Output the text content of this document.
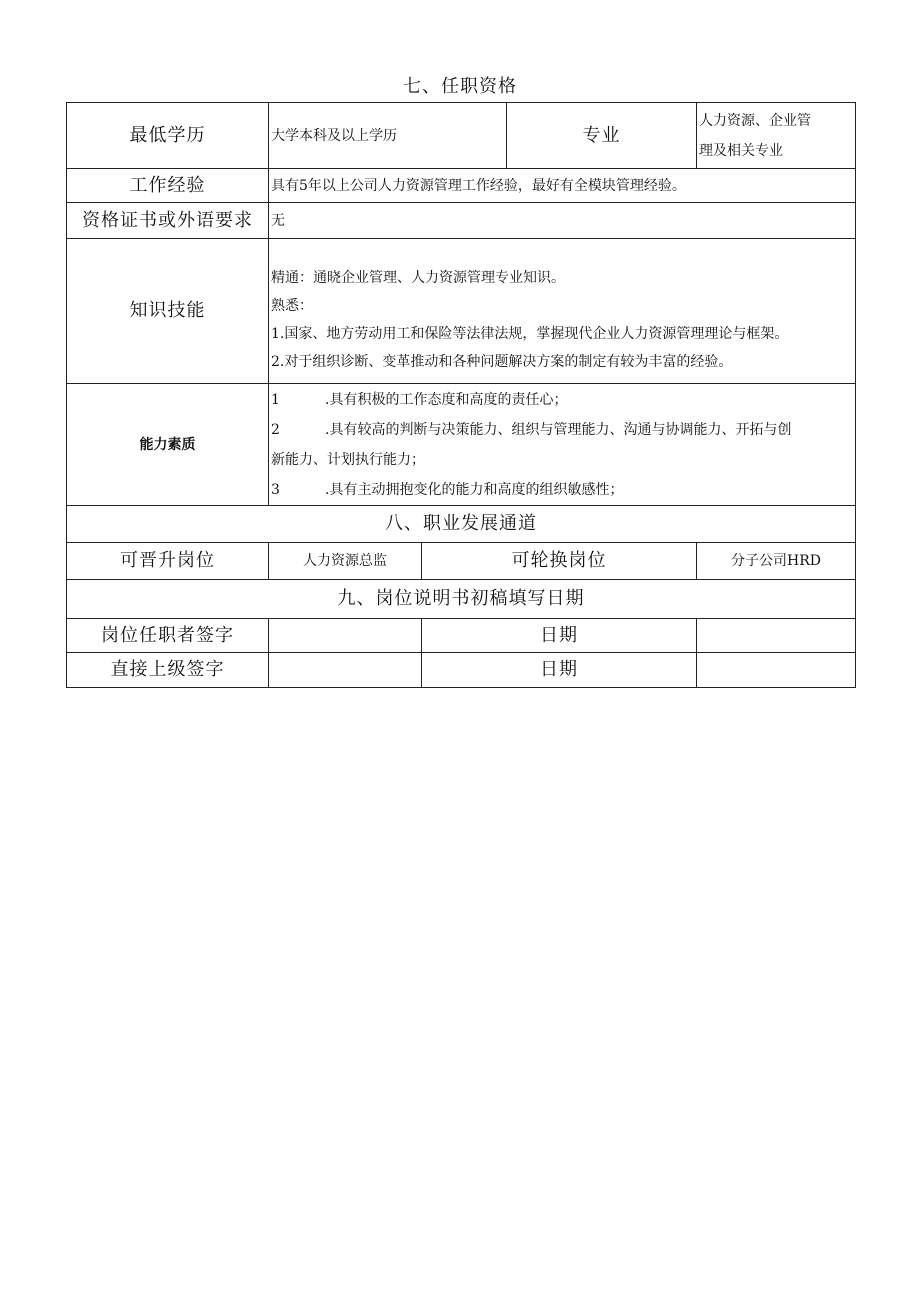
七、任职资格
最低学历	大学本科及以上学历		专业	人力资源、企业管
理及相关专业

工作经验	具有5年以上公司人力资源管理工作经验，最好有全模块管理经验。			
资格证书或外语要求	无			
知识技能	精通：通晓企业管理、人力资源管理专业知识。

熟悉：

1.国家、地方劳动用工和保险等法律法规，掌握现代企业人力资源管理理论与框架。

2.对于组织诊断、变革推动和各种问题解决方案的制定有较为丰富的经验。			

能力素质	1 .具有积极的工作态度和高度的责任心；

2 .具有较高的判断与决策能力、组织与管理能力、沟通与协调能力、开拓与创

新能力、计划执行能力；

3 .具有主动拥抱变化的能力和高度的组织敏感性；			

八、职业发展通道				
可晋升岗位	人力资源总监	可轮换岗位		分子公司HRD
九、岗位说明书初稿填写日期				
岗位任职者签字		日期		
直接上级签字		日期		
